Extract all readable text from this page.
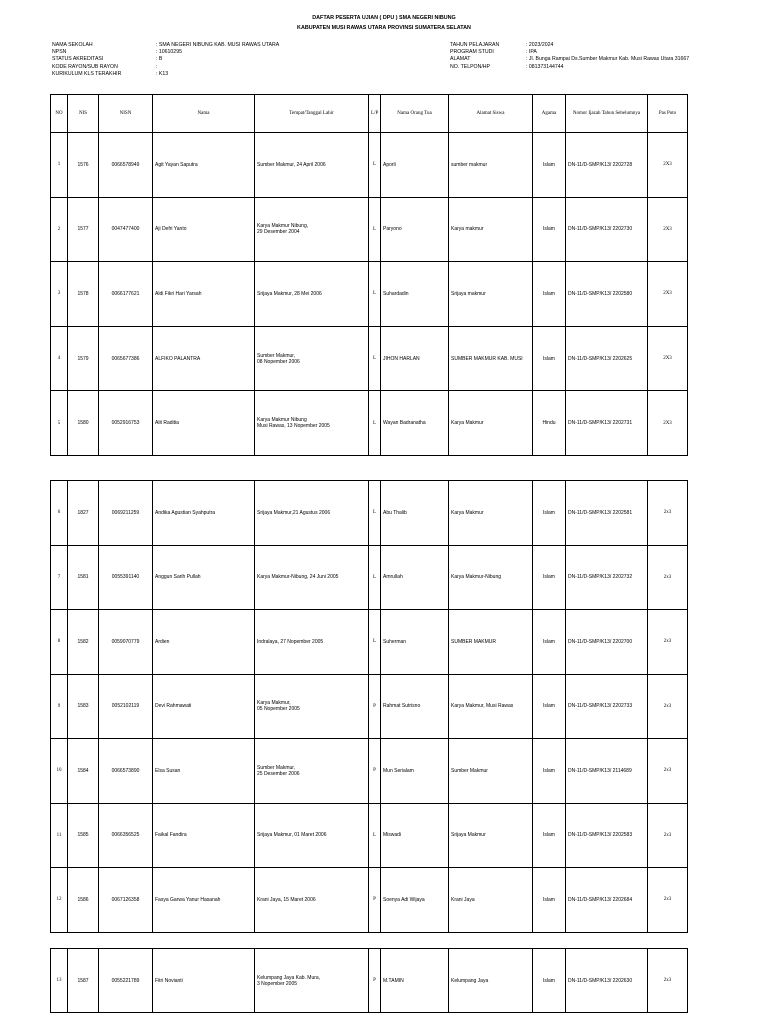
DAFTAR PESERTA UJIAN ( DPU ) SMA NEGERI NIBUNG
KABUPATEN MUSI RAWAS UTARA PROVINSI SUMATERA SELATAN
NAMA SEKOLAH	: SMA NEGERI NIBUNG KAB. MUSI RAWAS UTARA
NPSN	: 10610295
STATUS AKREDITASI	: B
KODE RAYON/SUB RAYON	:
KURIKULUM KLS TERAKHIR	: K13
TAHUN PELAJARAN	: 2023/2024
PROGRAM STUDI	: IPA
ALAMAT	: Jl. Bunga Rampai Ds.Sumber Makmur Kab. Musi Rawas Utara 31667
NO. TELPON/HP	: 081373144744
NO	NIS	NISN	Nama	Tempat/Tanggal Lahir	L/P	Nama Orang Tua	Alamat Siswa	Agama	Nomor Ijazah Tahun Sebelumnya	Pas Poto
1	1576	0066578949	Agit Yayan Saputra	Sumber Makmur, 24 April 2006	L	Aporli	sumber makmur	Islam	DN-11/D-SMP/K13/ 2202728	2X3
2	1577	0047477400	Aji Defri Yanto	Karya Makmur Nibung,
29 Desember 2004	L	Paryono	Karya makmur	Islam	DN-11/D-SMP/K13/ 2202730	2X3
3	1578	0066177621	Aldi Fikri Hari Yarsah	Srijaya Makmur, 28 Mei 2006	L	Suhardadin	Srijaya makmur	Islam	DN-11/D-SMP/K13/ 2202580	2X3
4	1579	0065677386	ALFIKO PALANTRA	Sumber Makmur,
08 Nopember 2006	L	JIHON HARLAN	SUMBER MAKMUR KAB. MUSI	Islam	DN-11/D-SMP/K13/ 2202625	2X3
5	1580	0052916753	Alit Raditia	Karya Makmur Nibung
Musi Rawas, 13 Nopember 2005	L	Wayan Badranatha	Karya Makmur	Hindu	DN-11/D-SMP/K13/ 2202731	2X3
6	1827	0069211259	Andika Agustian Syahputra	Srijaya Makmur,21 Agustus 2006	L	Abu Thalib	Karya Makmur	Islam	DN-11/D-SMP/K13/ 2202581	2x3
7	1581	0055391140	Anggun Sarih Pullah	Karya Makmur-Nibung, 24 Juni 2005	L	Amrullah	Karya Makmur-Nibung	Islam	DN-11/D-SMP/K13/ 2202732	2x3
8	1582	0059070779	Ardien	Indralaya, 27 Nopember 2005	L	Suherman	SUMBER MAKMUR	Islam	DN-11/D-SMP/K13/ 2202700	2x3
9	1583	0052102119	Devi Rahmawati	Karya Makmur,
05 Nopember 2005	P	Rahmat Sutrisno	Karya Makmur, Musi Rawas	Islam	DN-11/D-SMP/K13/ 2202733	2x3
10	1584	0066573890	Elsa Susan	Sumber Makmur,
25 Desember 2006	P	Mun Serialam	Sumber Makmur	Islam	DN-11/D-SMP/K13/ 2114689	2x3
11	1585	0066356525	Faikal Fandira	Srijaya Makmur, 01 Maret 2006	L	Miswadi	Srijaya Makmur	Islam	DN-11/D-SMP/K13/ 2202583	2x3
12	1586	0067126358	Fasya Garwa Yanur Hasanah	Krani Jaya, 15 Maret 2006	P	Soenya Adi Wijaya	Krani Jaya	Islam	DN-11/D-SMP/K13/ 2202684	2x3
13	1587	0055221789	Fitri Novianti	Kelumpang Jaya Kab. Mura,
3 Nopember 2005	P	M.TAMIN	Kelumpang Jaya	Islam	DN-11/D-SMP/K13/ 2202630	2x3
